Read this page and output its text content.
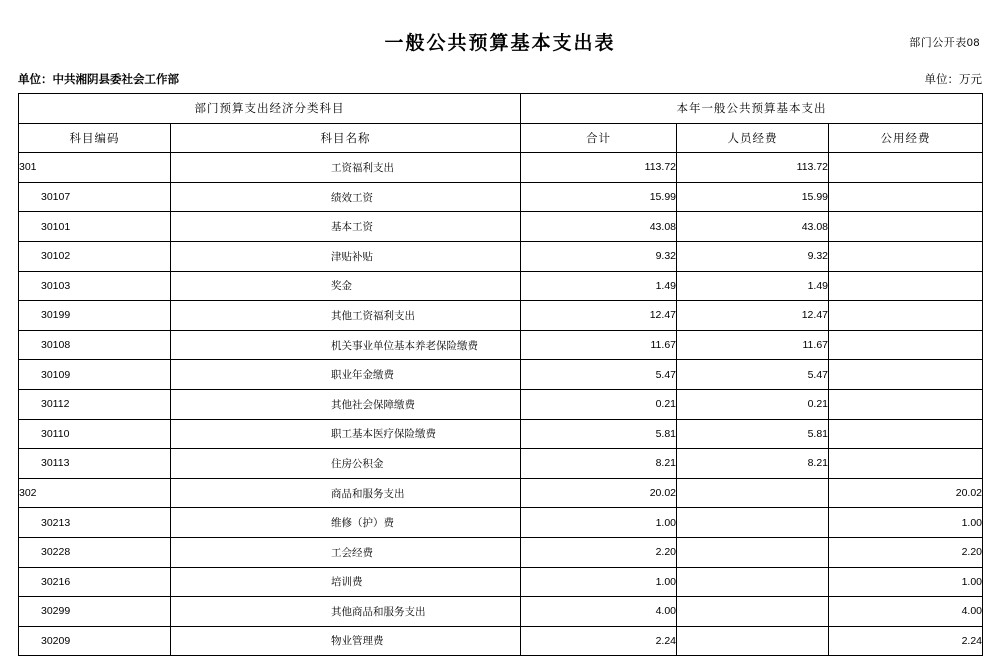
部门公开表08
一般公共预算基本支出表
单位：中共湘阴县委社会工作部	单位：万元
部门预算支出经济分类科目		本年一般公共预算基本支出		
科目编码	科目名称	合计	人员经费	公用经费
301	工资福利支出	113.72	113.72	
30107	绩效工资	15.99	15.99	
30101	基本工资	43.08	43.08	
30102	津贴补贴	9.32	9.32	
30103	奖金	1.49	1.49	
30199	其他工资福利支出	12.47	12.47	
30108	机关事业单位基本养老保险缴费	11.67	11.67	
30109	职业年金缴费	5.47	5.47	
30112	其他社会保障缴费	0.21	0.21	
30110	职工基本医疗保险缴费	5.81	5.81	
30113	住房公积金	8.21	8.21	
302	商品和服务支出	20.02		20.02
30213	维修（护）费	1.00		1.00
30228	工会经费	2.20		2.20
30216	培训费	1.00		1.00
30299	其他商品和服务支出	4.00		4.00
30209	物业管理费	2.24		2.24
